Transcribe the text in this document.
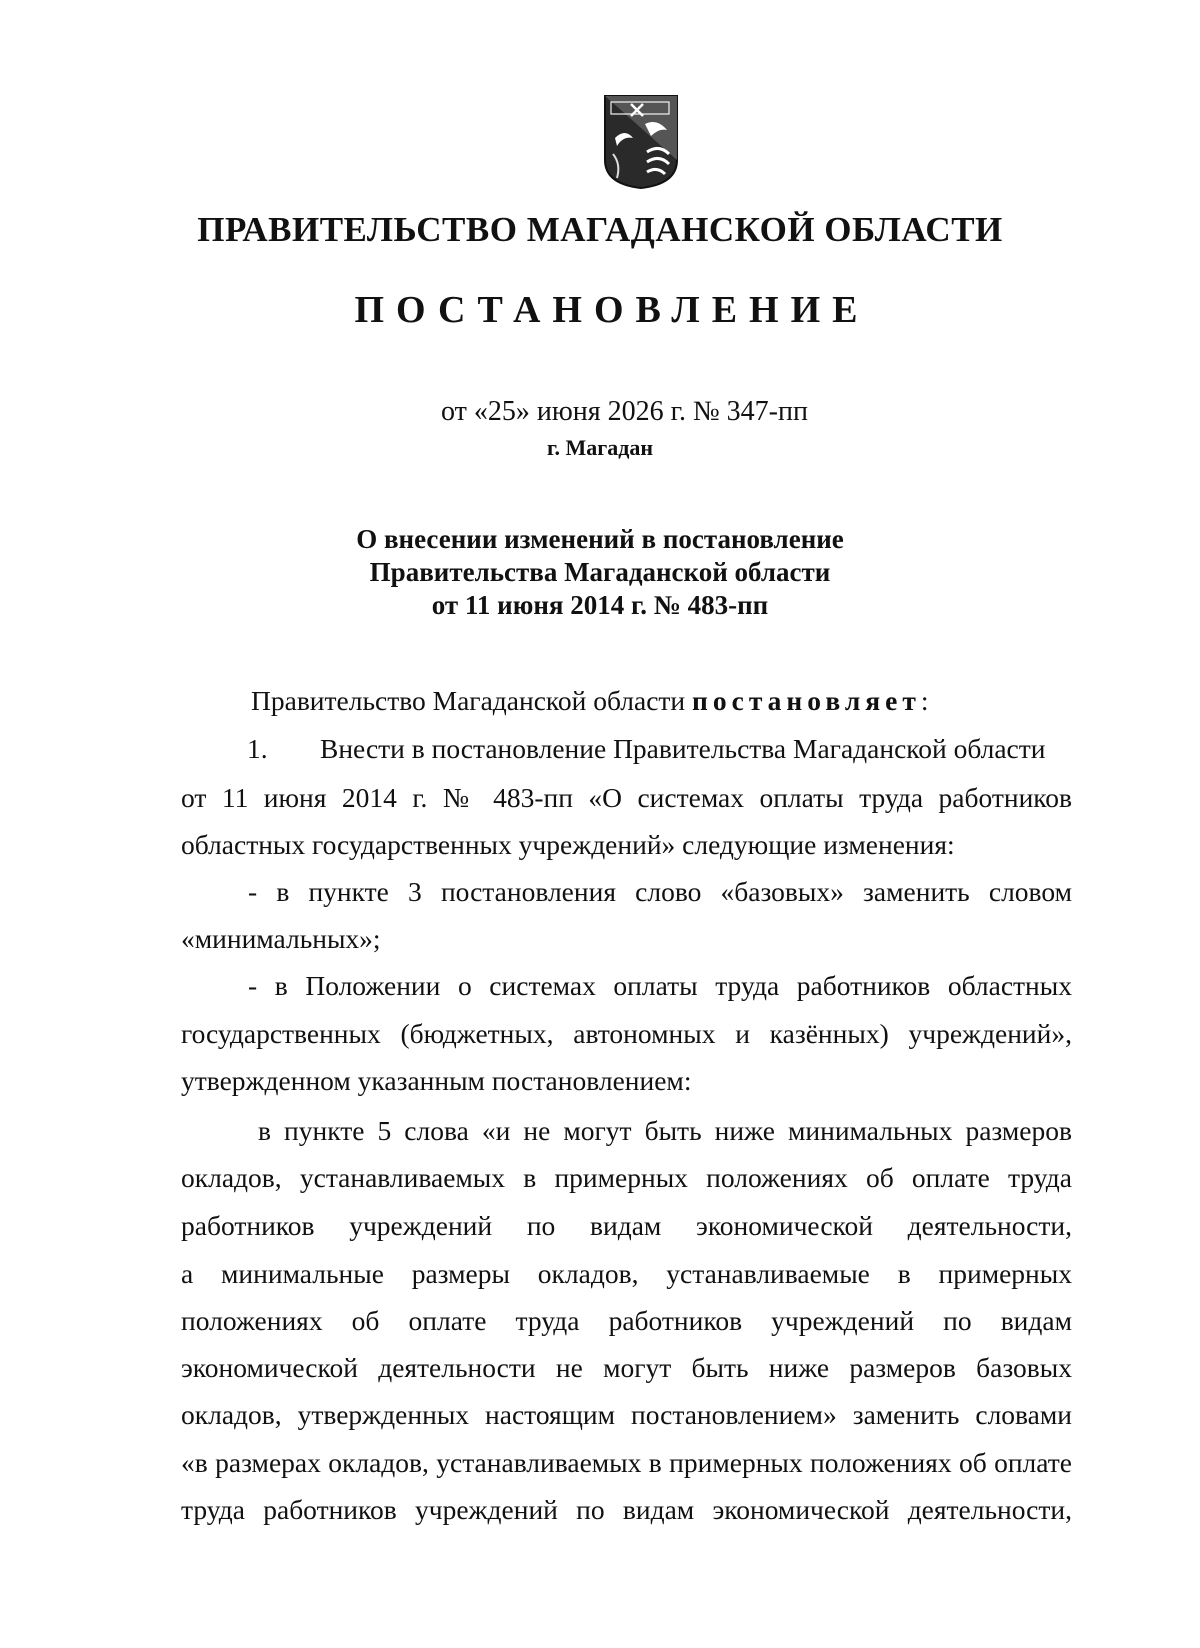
ПРАВИТЕЛЬСТВО МАГАДАНСКОЙ ОБЛАСТИ
ПОСТАНОВЛЕНИЕ
от «25» июня 2026 г. № 347-пп
г. Магадан
О внесении изменений в постановление
Правительства Магаданской области
от 11 июня 2014 г. № 483-пп
Правительство Магаданской области постановляет:
1. Внести в постановление Правительства Магаданской области
от 11 июня 2014 г. № 483-пп «О системах оплаты труда работников
областных государственных учреждений» следующие изменения:
- в пункте 3 постановления слово «базовых» заменить словом
«минимальных»;
- в Положении о системах оплаты труда работников областных
государственных (бюджетных, автономных и казённых) учреждений»,
утвержденном указанным постановлением:
в пункте 5 слова «и не могут быть ниже минимальных размеров
окладов, устанавливаемых в примерных положениях об оплате труда
работников учреждений по видам экономической деятельности,
а минимальные размеры окладов, устанавливаемые в примерных
положениях об оплате труда работников учреждений по видам
экономической деятельности не могут быть ниже размеров базовых
окладов, утвержденных настоящим постановлением» заменить словами
«в размерах окладов, устанавливаемых в примерных положениях об оплате
труда работников учреждений по видам экономической деятельности,
